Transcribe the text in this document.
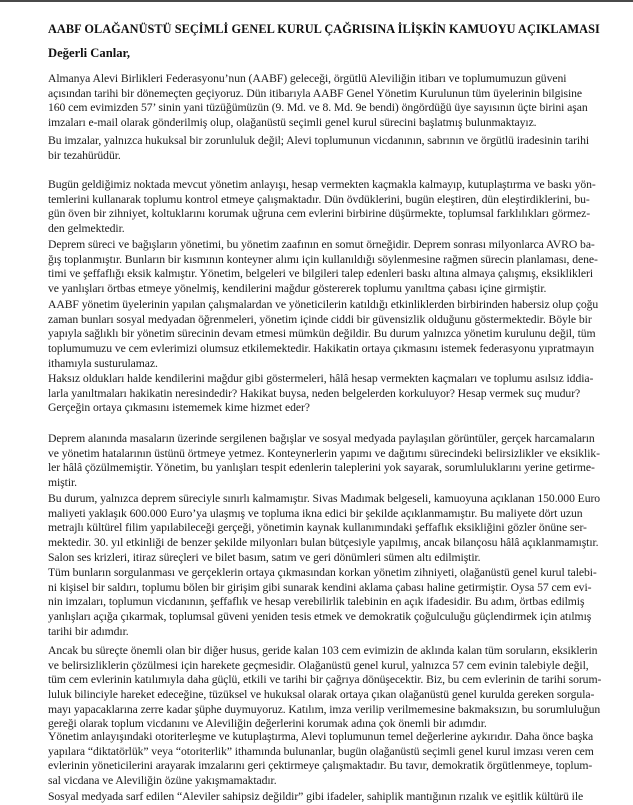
AABF OLAĞANÜSTÜ SEÇİMLİ GENEL KURUL ÇAĞRISINA İLİŞKİN KAMUOYU AÇIKLAMASI
Değerli Canlar,
Almanya Alevi Birlikleri Federasyonu’nun (AABF) geleceği, örgütlü Aleviliğin itibarı ve toplumumuzun güveni
açısından tarihi bir dönemeçten geçiyoruz. Dün itibarıyla AABF Genel Yönetim Kurulunun tüm üyelerinin bilgisine
160 cem evimizden 57’ sinin yani tüzüğümüzün (9. Md. ve 8. Md. 9e bendi) öngördüğü üye sayısının üçte birini aşan
imzaları e-mail olarak gönderilmiş olup, olağanüstü seçimli genel kurul sürecini başlatmış bulunmaktayız.
Bu imzalar, yalnızca hukuksal bir zorunluluk değil; Alevi toplumunun vicdanının, sabrının ve örgütlü iradesinin tarihi
bir tezahürüdür.
Bugün geldiğimiz noktada mevcut yönetim anlayışı, hesap vermekten kaçmakla kalmayıp, kutuplaştırma ve baskı yön-
temlerini kullanarak toplumu kontrol etmeye çalışmaktadır. Dün övdüklerini, bugün eleştiren, dün eleştirdiklerini, bu-
gün öven bir zihniyet, koltuklarını korumak uğruna cem evlerini birbirine düşürmekte, toplumsal farklılıkları görmez-
den gelmektedir.
Deprem süreci ve bağışların yönetimi, bu yönetim zaafının en somut örneğidir. Deprem sonrası milyonlarca AVRO ba-
ğış toplanmıştır. Bunların bir kısmının konteyner alımı için kullanıldığı söylenmesine rağmen sürecin planlaması, dene-
timi ve şeffaflığı eksik kalmıştır. Yönetim, belgeleri ve bilgileri talep edenleri baskı altına almaya çalışmış, eksiklikleri
ve yanlışları örtbas etmeye yönelmiş, kendilerini mağdur göstererek toplumu yanıltma çabası içine girmiştir.
AABF yönetim üyelerinin yapılan çalışmalardan ve yöneticilerin katıldığı etkinliklerden birbirinden habersiz olup çoğu
zaman bunları sosyal medyadan öğrenmeleri, yönetim içinde ciddi bir güvensizlik olduğunu göstermektedir. Böyle bir
yapıyla sağlıklı bir yönetim sürecinin devam etmesi mümkün değildir. Bu durum yalnızca yönetim kurulunu değil, tüm
toplumumuzu ve cem evlerimizi olumsuz etkilemektedir. Hakikatin ortaya çıkmasını istemek federasyonu yıpratmayın
ithamıyla susturulamaz.
Haksız oldukları halde kendilerini mağdur gibi göstermeleri, hâlâ hesap vermekten kaçmaları ve toplumu asılsız iddia-
larla yanıltmaları hakikatin neresindedir? Hakikat buysa, neden belgelerden korkuluyor? Hesap vermek suç mudur?
Gerçeğin ortaya çıkmasını istememek kime hizmet eder?
Deprem alanında masaların üzerinde sergilenen bağışlar ve sosyal medyada paylaşılan görüntüler, gerçek harcamaların
ve yönetim hatalarının üstünü örtmeye yetmez. Konteynerlerin yapımı ve dağıtımı sürecindeki belirsizlikler ve eksiklik-
ler hâlâ çözülmemiştir. Yönetim, bu yanlışları tespit edenlerin taleplerini yok sayarak, sorumluluklarını yerine getirme-
miştir.
Bu durum, yalnızca deprem süreciyle sınırlı kalmamıştır. Sivas Madımak belgeseli, kamuoyuna açıklanan 150.000 Euro
maliyeti yaklaşık 600.000 Euro’ya ulaşmış ve topluma ikna edici bir şekilde açıklanmamıştır. Bu maliyete dört uzun
metrajlı kültürel filim yapılabileceği gerçeği, yönetimin kaynak kullanımındaki şeffaflık eksikliğini gözler önüne ser-
mektedir. 30. yıl etkinliği de benzer şekilde milyonları bulan bütçesiyle yapılmış, ancak bilançosu hâlâ açıklanmamıştır.
Salon ses krizleri, itiraz süreçleri ve bilet basım, satım ve geri dönümleri sümen altı edilmiştir.
Tüm bunların sorgulanması ve gerçeklerin ortaya çıkmasından korkan yönetim zihniyeti, olağanüstü genel kurul talebi-
ni kişisel bir saldırı, toplumu bölen bir girişim gibi sunarak kendini aklama çabası haline getirmiştir. Oysa 57 cem evi-
nin imzaları, toplumun vicdanının, şeffaflık ve hesap verebilirlik talebinin en açık ifadesidir. Bu adım, örtbas edilmiş
yanlışları açığa çıkarmak, toplumsal güveni yeniden tesis etmek ve demokratik çoğulculuğu güçlendirmek için atılmış
tarihi bir adımdır.
Ancak bu süreçte önemli olan bir diğer husus, geride kalan 103 cem evimizin de aklında kalan tüm soruların, eksiklerin
ve belirsizliklerin çözülmesi için harekete geçmesidir. Olağanüstü genel kurul, yalnızca 57 cem evinin talebiyle değil,
tüm cem evlerinin katılımıyla daha güçlü, etkili ve tarihi bir çağrıya dönüşecektir. Biz, bu cem evlerinin de tarihi sorum-
luluk bilinciyle hareket edeceğine, tüzüksel ve hukuksal olarak ortaya çıkan olağanüstü genel kurulda gereken sorgula-
mayı yapacaklarına zerre kadar şüphe duymuyoruz. Katılım, imza verilip verilmemesine bakmaksızın, bu sorumluluğun
gereği olarak toplum vicdanını ve Aleviliğin değerlerini korumak adına çok önemli bir adımdır.
Yönetim anlayışındaki otoriterleşme ve kutuplaştırma, Alevi toplumunun temel değerlerine aykırıdır. Daha önce başka
yapılara “diktatörlük” veya “otoriterlik” ithamında bulunanlar, bugün olağanüstü seçimli genel kurul imzası veren cem
evlerinin yöneticilerini arayarak imzalarını geri çektirmeye çalışmaktadır. Bu tavır, demokratik örgütlenmeye, toplum-
sal vicdana ve Aleviliğin özüne yakışmamaktadır.
Sosyal medyada sarf edilen “Aleviler sahipsiz değildir” gibi ifadeler, sahiplik mantığının rızalık ve eşitlik kültürü ile
